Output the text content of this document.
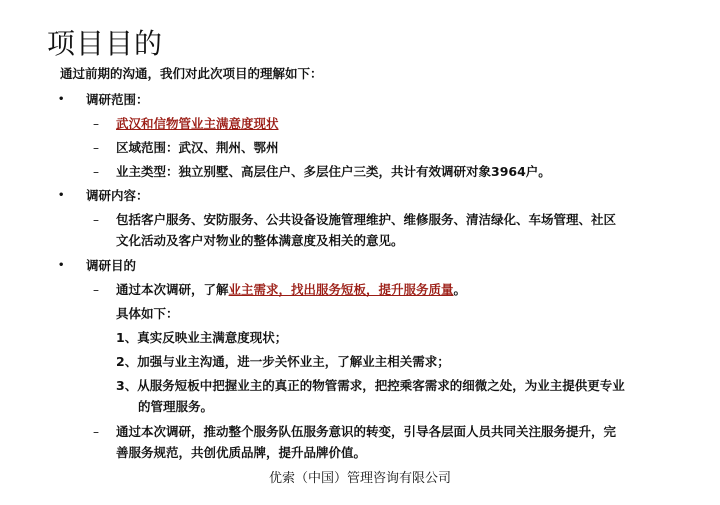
项目目的
通过前期的沟通，我们对此次项目的理解如下：
• 调研范围：
– 武汉和信物管业主满意度现状
– 区域范围：武汉、荆州、鄂州
– 业主类型：独立别墅、高层住户、多层住户三类，共计有效调研对象3964户。
• 调研内容：
– 包括客户服务、安防服务、公共设备设施管理维护、维修服务、清洁绿化、车场管理、社区
文化活动及客户对物业的整体满意度及相关的意见。
• 调研目的
– 通过本次调研，了解业主需求，找出服务短板，提升服务质量。
具体如下：
1、真实反映业主满意度现状；
2、加强与业主沟通，进一步关怀业主，了解业主相关需求；
3、从服务短板中把握业主的真正的物管需求，把控乘客需求的细微之处，为业主提供更专业
的管理服务。
– 通过本次调研，推动整个服务队伍服务意识的转变，引导各层面人员共同关注服务提升，完
善服务规范，共创优质品牌，提升品牌价值。
优索（中国）管理咨询有限公司
